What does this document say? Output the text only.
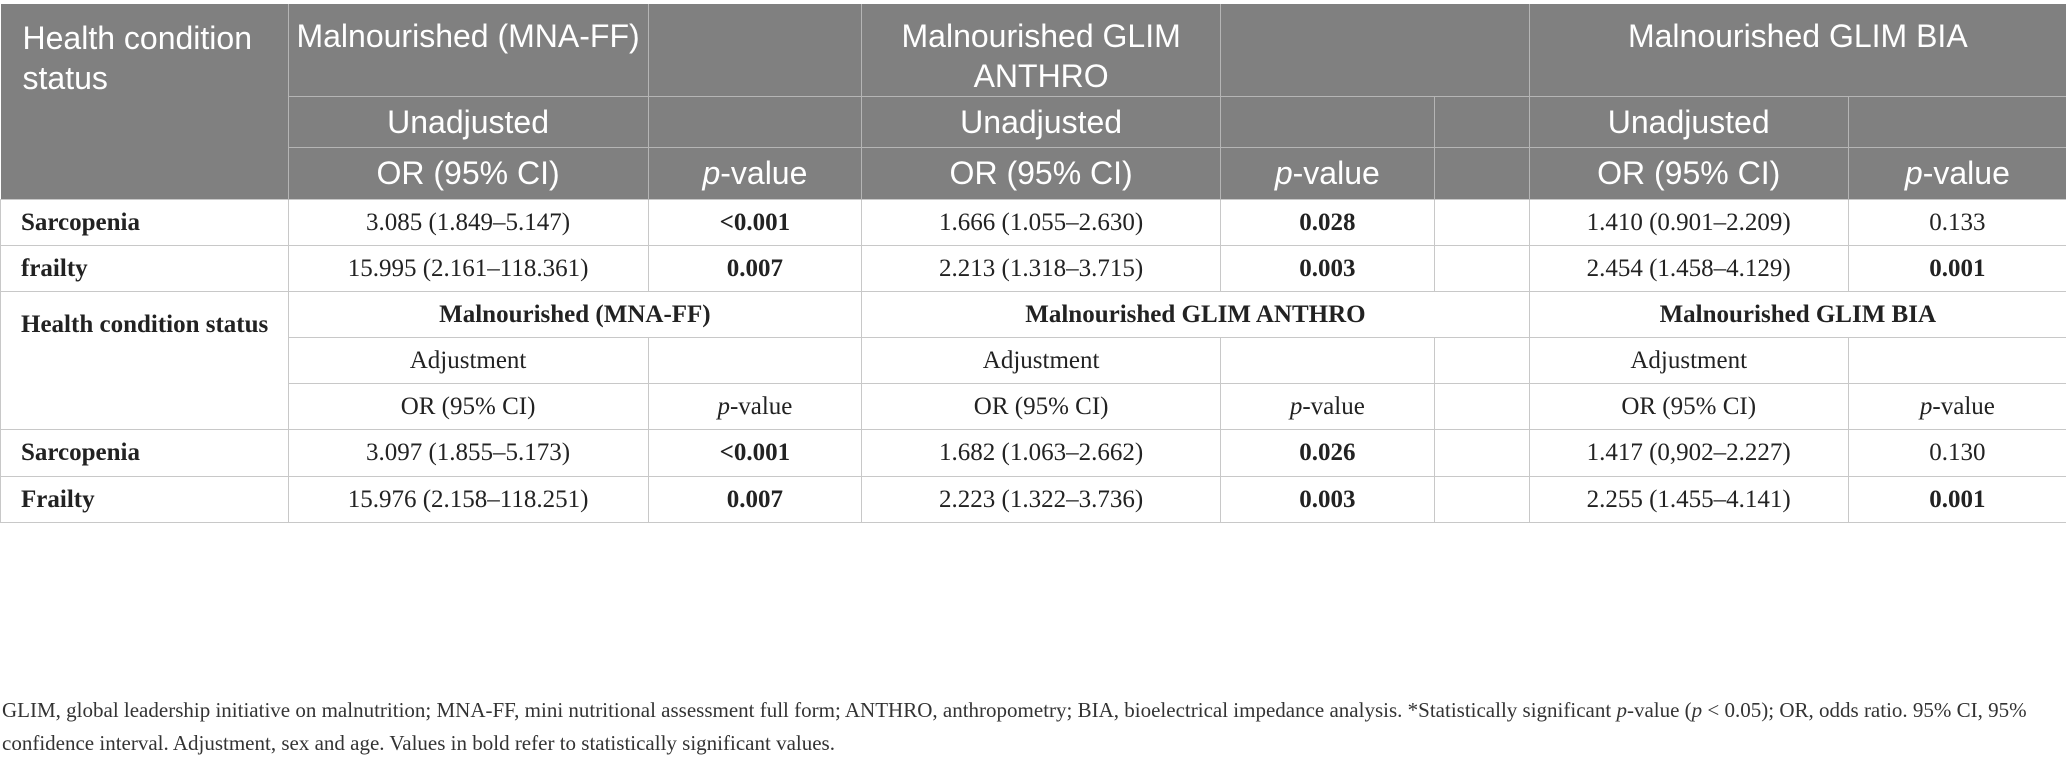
Health condition status	Malnourished (MNA-FF)		Malnourished GLIM ANTHRO			Malnourished GLIM BIA	
	Unadjusted		Unadjusted			Unadjusted	
	OR (95% CI)	p-value	OR (95% CI)	p-value		OR (95% CI)	p-value
Sarcopenia	3.085 (1.849–5.147)	<0.001	1.666 (1.055–2.630)	0.028		1.410 (0.901–2.209)	0.133
frailty	15.995 (2.161–118.361)	0.007	2.213 (1.318–3.715)	0.003		2.454 (1.458–4.129)	0.001
Health condition status	Malnourished (MNA-FF)		Malnourished GLIM ANTHRO			Malnourished GLIM BIA	
	Adjustment		Adjustment			Adjustment	
	OR (95% CI)	p-value	OR (95% CI)	p-value		OR (95% CI)	p-value
Sarcopenia	3.097 (1.855–5.173)	<0.001	1.682 (1.063–2.662)	0.026		1.417 (0,902–2.227)	0.130
Frailty	15.976 (2.158–118.251)	0.007	2.223 (1.322–3.736)	0.003		2.255 (1.455–4.141)	0.001
GLIM, global leadership initiative on malnutrition; MNA-FF, mini nutritional assessment full form; ANTHRO, anthropometry; BIA, bioelectrical impedance analysis. *Statistically significant p-value (p < 0.05); OR, odds ratio. 95% CI, 95% confidence interval. Adjustment, sex and age. Values in bold refer to statistically significant values.
